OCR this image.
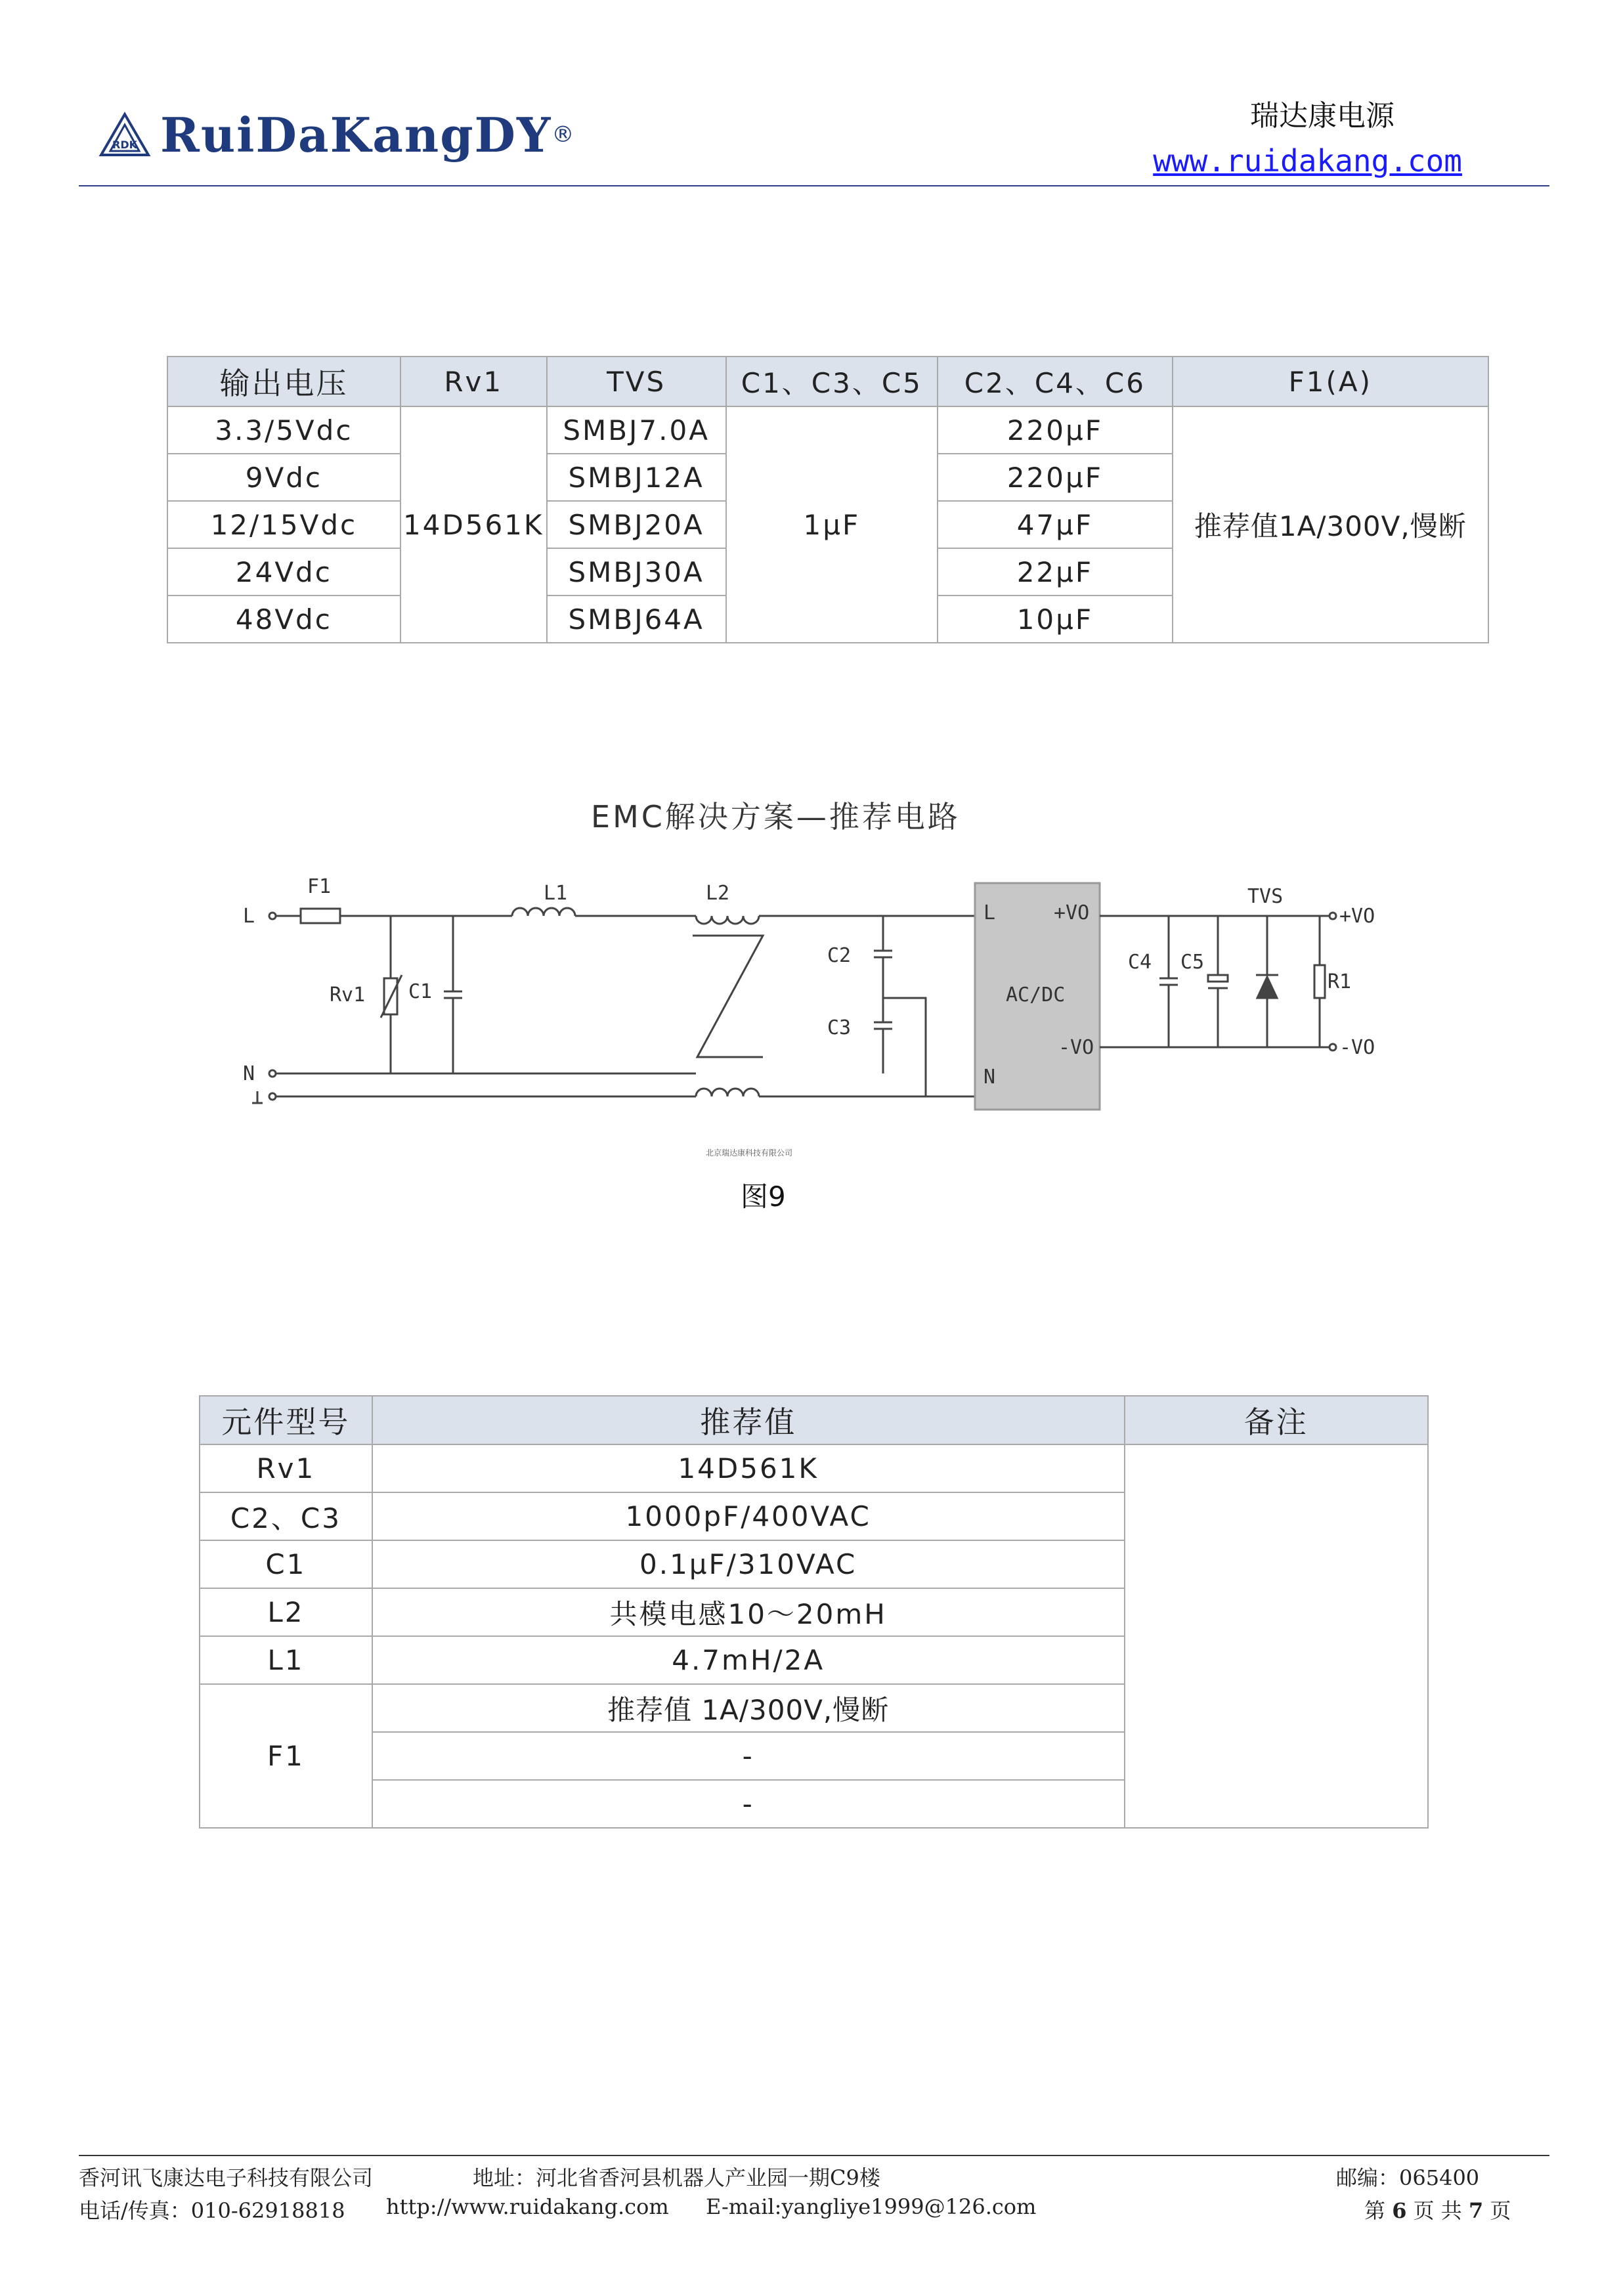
RDK RuiDaKangDY ®
瑞达康电源
www.ruidakang.com
输出电压	Rv1	TVS	C1、C3、C5	C2、C4、C6	F1(A)
3.3/5Vdc	14D561K	SMBJ7.0A	1μF	220μF	推荐值1A/300V,慢断
9Vdc		SMBJ12A		220μF	
12/15Vdc		SMBJ20A		47μF	
24Vdc		SMBJ30A		22μF	
48Vdc		SMBJ64A		10μF	
EMC解决方案—推荐电路
L
N
F1	L1	L2
Rv1 C1
C2
C3
L
N
+VO
-VO
AC/DC
C4 C5
TVS
R1
+VO
-VO
北京瑞达康科技有限公司
图9
元件型号	推荐值	备注
Rv1	14D561K	
C2、C3	1000pF/400VAC	
C1	0.1μF/310VAC	
L2	共模电感10～20mH	
L1	4.7mH/2A	
F1	推荐值 1A/300V,慢断	
	-	
	-	
香河讯飞康达电子科技有限公司	地址：河北省香河县机器人产业园一期C9楼	邮编：065400
电话/传真：010-62918818 http://www.ruidakang.com E-mail:yangliye1999@126.com	第 6 页 共 7 页
